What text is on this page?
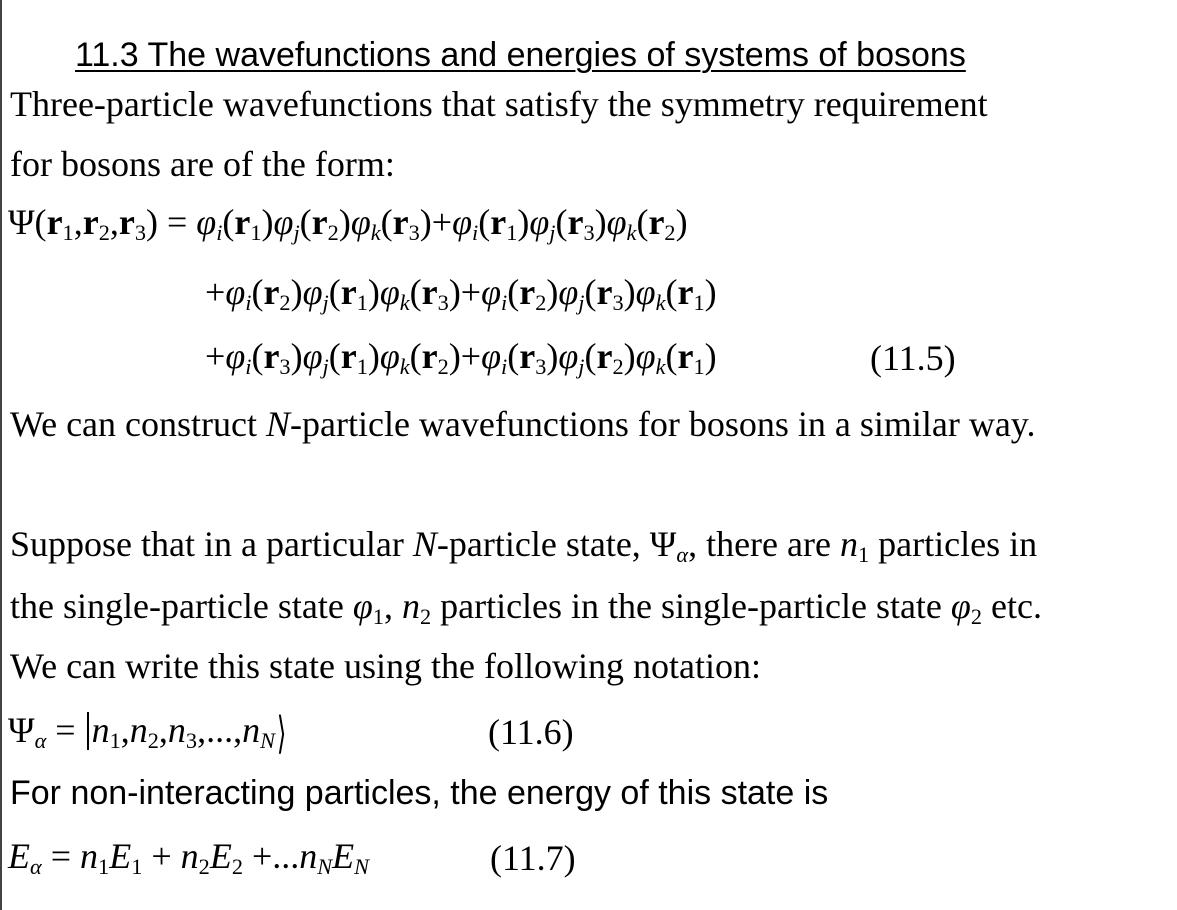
11.3 The wavefunctions and energies of systems of bosons
Three-particle wavefunctions that satisfy the symmetry requirement
for bosons are of the form:
$\Psi(r_1,r_2,r_3) = \varphi_i(r_1)\varphi_j(r_2)\varphi_k(r_3)+\varphi_i(r_1)\varphi_j(r_3)\varphi_k(r_2)$
$+\varphi_i(r_2)\varphi_j(r_1)\varphi_k(r_3)+\varphi_i(r_2)\varphi_j(r_3)\varphi_k(r_1)$
$+\varphi_i(r_3)\varphi_j(r_1)\varphi_k(r_2)+\varphi_i(r_3)\varphi_j(r_2)\varphi_k(r_1)$	(11.5)
We can construct N-particle wavefunctions for bosons in a similar way.
Suppose that in a particular N-particle state, $\Psi_\alpha$, there are $n_1$ particles in
the single-particle state $\varphi_1$, $n_2$ particles in the single-particle state $\varphi_2$ etc.
We can write this state using the following notation:
$\Psi_\alpha$ = $n_1,n_2,n_3,...,n_N⟩$	(11.6)
For non-interacting particles, the energy of this state is
$E_\alpha = n_1E_1 + n_2E_2 +...n_NE_N$	(11.7)
